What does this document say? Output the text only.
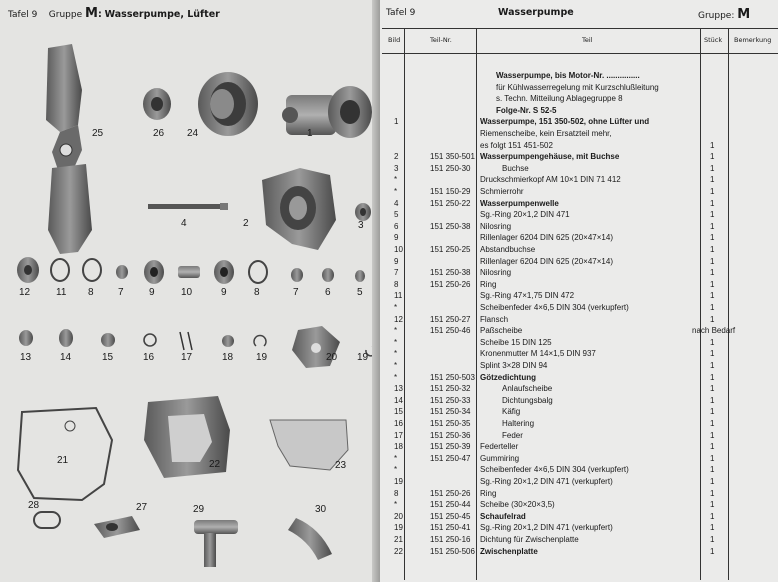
Tafel 9 Gruppe M: Wasserpumpe, Lüfter
25	26 24	1
4	2	3
12	11 8 7	9	10	9	8	7	6	5
13	14	15	16	17	18 19	20 19
21	22	23
28	27	29	30
Tafel 9	Wasserpumpe	Gruppe: M
Bild	Teil-Nr.	Teil	Stück Bemerkung
Wasserpumpe, bis Motor-Nr. ...............
für Kühlwasserregelung mit Kurzschlußleitung
s. Techn. Mitteilung Ablagegruppe 8
Folge-Nr. S 52-5
1	Wasserpumpe, 151 350-502, ohne Lüfter und
Riemenscheibe, kein Ersatzteil mehr,
es folgt 151 451-502	1
2	151 350-501 Wasserpumpengehäuse, mit Buchse	1
3	151 250-30	Buchse	1
*	Druckschmierkopf AM 10×1 DIN 71 412	1
*	151 150-29 Schmierrohr	1
4	151 250-22 Wasserpumpenwelle	1
5	Sg.-Ring 20×1,2 DIN 471	1
6	151 250-38 Nilosring	1
9	Rillenlager 6204 DIN 625 (20×47×14)	1
10	151 250-25 Abstandbuchse	1
9	Rillenlager 6204 DIN 625 (20×47×14)	1
7	151 250-38 Nilosring	1
8	151 250-26 Ring	1
11	Sg.-Ring 47×1,75 DIN 472	1
*	Scheibenfeder 4×6,5 DIN 304 (verkupfert)	1
12	151 250-27 Flansch	1
*	151 250-46 Paßscheibe	nach Bedarf
*	Scheibe 15 DIN 125	1
*	Kronenmutter M 14×1,5 DIN 937	1
*	Splint 3×28 DIN 94	1
*	151 250-503 Götzedichtung	1
13	151 250-32	Anlaufscheibe	1
14	151 250-33	Dichtungsbalg	1
15	151 250-34	Käfig	1
16	151 250-35	Haltering	1
17	151 250-36	Feder	1
18	151 250-39 Federteller	1
*	151 250-47 Gummiring	1
*	Scheibenfeder 4×6,5 DIN 304 (verkupfert)	1
19	Sg.-Ring 20×1,2 DIN 471 (verkupfert)	1
8	151 250-26 Ring	1
*	151 250-44 Scheibe (30×20×3,5)	1
20	151 250-45 Schaufelrad	1
19	151 250-41 Sg.-Ring 20×1,2 DIN 471 (verkupfert)	1
21	151 250-16 Dichtung für Zwischenplatte	1
22	151 250-506 Zwischenplatte	1
